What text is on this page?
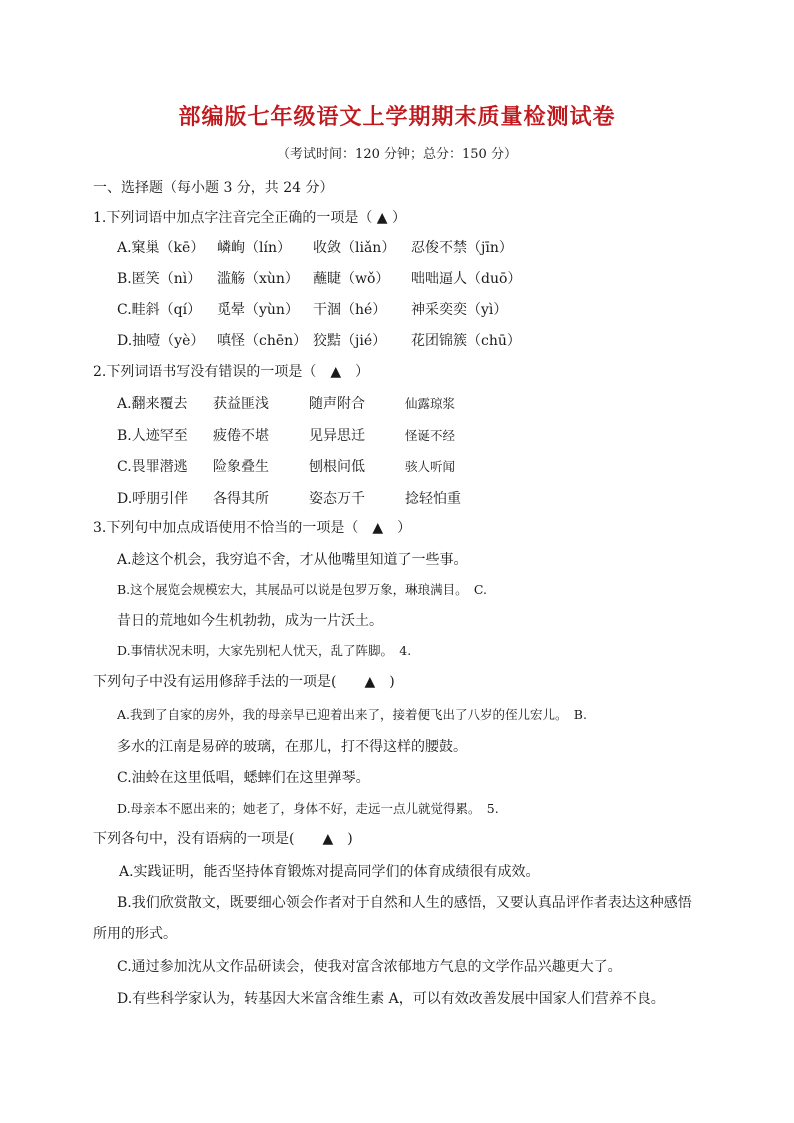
部编版七年级语文上学期期末质量检测试卷
（考试时间：120 分钟；总分：150 分）
一、选择题（每小题 3 分，共 24 分）
1.下列词语中加点字注音完全正确的一项是（ ▲ ）
A.窠巢（kē） 嶙峋（lín） 收敛（liǎn） 忍俊不禁（jīn）
B.匿笑（nì） 滥觞（xùn） 蘸睫（wǒ） 咄咄逼人（duō）
C.畦斜（qí） 觅晕（yùn） 干涸（hé） 神采奕奕（yì）
D.抽噎（yè） 嗔怪（chēn） 狡黠（jié） 花团锦簇（chū）
2.下列词语书写没有错误的一项是（　▲　）
A.翻来覆去 获益匪浅	随声附合	仙露琼浆
B.人迹罕至 疲倦不堪	见异思迁	怪诞不经
C.畏罪潜逃 险象叠生	刨根问低	骇人听闻
D.呼朋引伴 各得其所	姿态万千	捻轻怕重
3.下列句中加点成语使用不恰当的一项是（　▲　）
A.趁这个机会，我穷追不舍，才从他嘴里知道了一些事。
B.这个展览会规模宏大，其展品可以说是包罗万象，琳琅满目。　C.
昔日的荒地如今生机勃勃，成为一片沃土。
D.事情状况未明，大家先别杞人忧天，乱了阵脚。　4.
下列句子中没有运用修辞手法的一项是(　　▲　)
A.我到了自家的房外，我的母亲早已迎着出来了，接着便飞出了八岁的侄儿宏儿。　B.
多水的江南是易碎的玻璃，在那儿，打不得这样的腰鼓。
C.油蛉在这里低唱，蟋蟀们在这里弹琴。
D.母亲本不愿出来的；她老了，身体不好，走远一点儿就觉得累。　5.
下列各句中，没有语病的一项是(　　▲　)
A.实践证明，能否坚持体育锻炼对提高同学们的体育成绩很有成效。
B.我们欣赏散文，既要细心领会作者对于自然和人生的感悟，又要认真品评作者表达这种感悟
所用的形式。
C.通过参加沈从文作品研读会，使我对富含浓郁地方气息的文学作品兴趣更大了。
D.有些科学家认为，转基因大米富含维生素 A，可以有效改善发展中国家人们营养不良。
